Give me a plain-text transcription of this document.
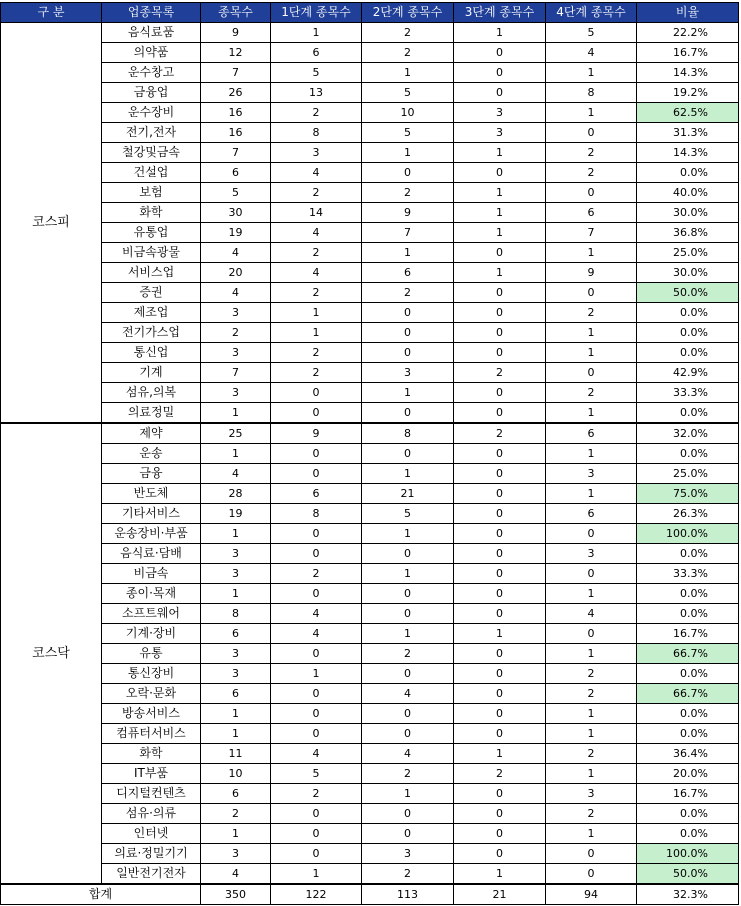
구 분	업종목록	종목수	1단계 종목수	2단계 종목수	3단계 종목수	4단계 종목수	비율
코스피	음식료품	9	1	2	1	5	22.2%
	의약품	12	6	2	0	4	16.7%
	운수창고	7	5	1	0	1	14.3%
	금융업	26	13	5	0	8	19.2%
	운수장비	16	2	10	3	1	62.5%
	전기,전자	16	8	5	3	0	31.3%
	철강및금속	7	3	1	1	2	14.3%
	건설업	6	4	0	0	2	0.0%
	보험	5	2	2	1	0	40.0%
	화학	30	14	9	1	6	30.0%
	유통업	19	4	7	1	7	36.8%
	비금속광물	4	2	1	0	1	25.0%
	서비스업	20	4	6	1	9	30.0%
	증권	4	2	2	0	0	50.0%
	제조업	3	1	0	0	2	0.0%
	전기가스업	2	1	0	0	1	0.0%
	통신업	3	2	0	0	1	0.0%
	기계	7	2	3	2	0	42.9%
	섬유,의복	3	0	1	0	2	33.3%
	의료정밀	1	0	0	0	1	0.0%
코스닥	제약	25	9	8	2	6	32.0%
	운송	1	0	0	0	1	0.0%
	금융	4	0	1	0	3	25.0%
	반도체	28	6	21	0	1	75.0%
	기타서비스	19	8	5	0	6	26.3%
	운송장비·부품	1	0	1	0	0	100.0%
	음식료·담배	3	0	0	0	3	0.0%
	비금속	3	2	1	0	0	33.3%
	종이·목재	1	0	0	0	1	0.0%
	소프트웨어	8	4	0	0	4	0.0%
	기계·장비	6	4	1	1	0	16.7%
	유통	3	0	2	0	1	66.7%
	통신장비	3	1	0	0	2	0.0%
	오락·문화	6	0	4	0	2	66.7%
	방송서비스	1	0	0	0	1	0.0%
	컴퓨터서비스	1	0	0	0	1	0.0%
	화학	11	4	4	1	2	36.4%
	IT부품	10	5	2	2	1	20.0%
	디지털컨텐츠	6	2	1	0	3	16.7%
	섬유·의류	2	0	0	0	2	0.0%
	인터넷	1	0	0	0	1	0.0%
	의료·정밀기기	3	0	3	0	0	100.0%
	일반전기전자	4	1	2	1	0	50.0%
합계		350	122	113	21	94	32.3%
